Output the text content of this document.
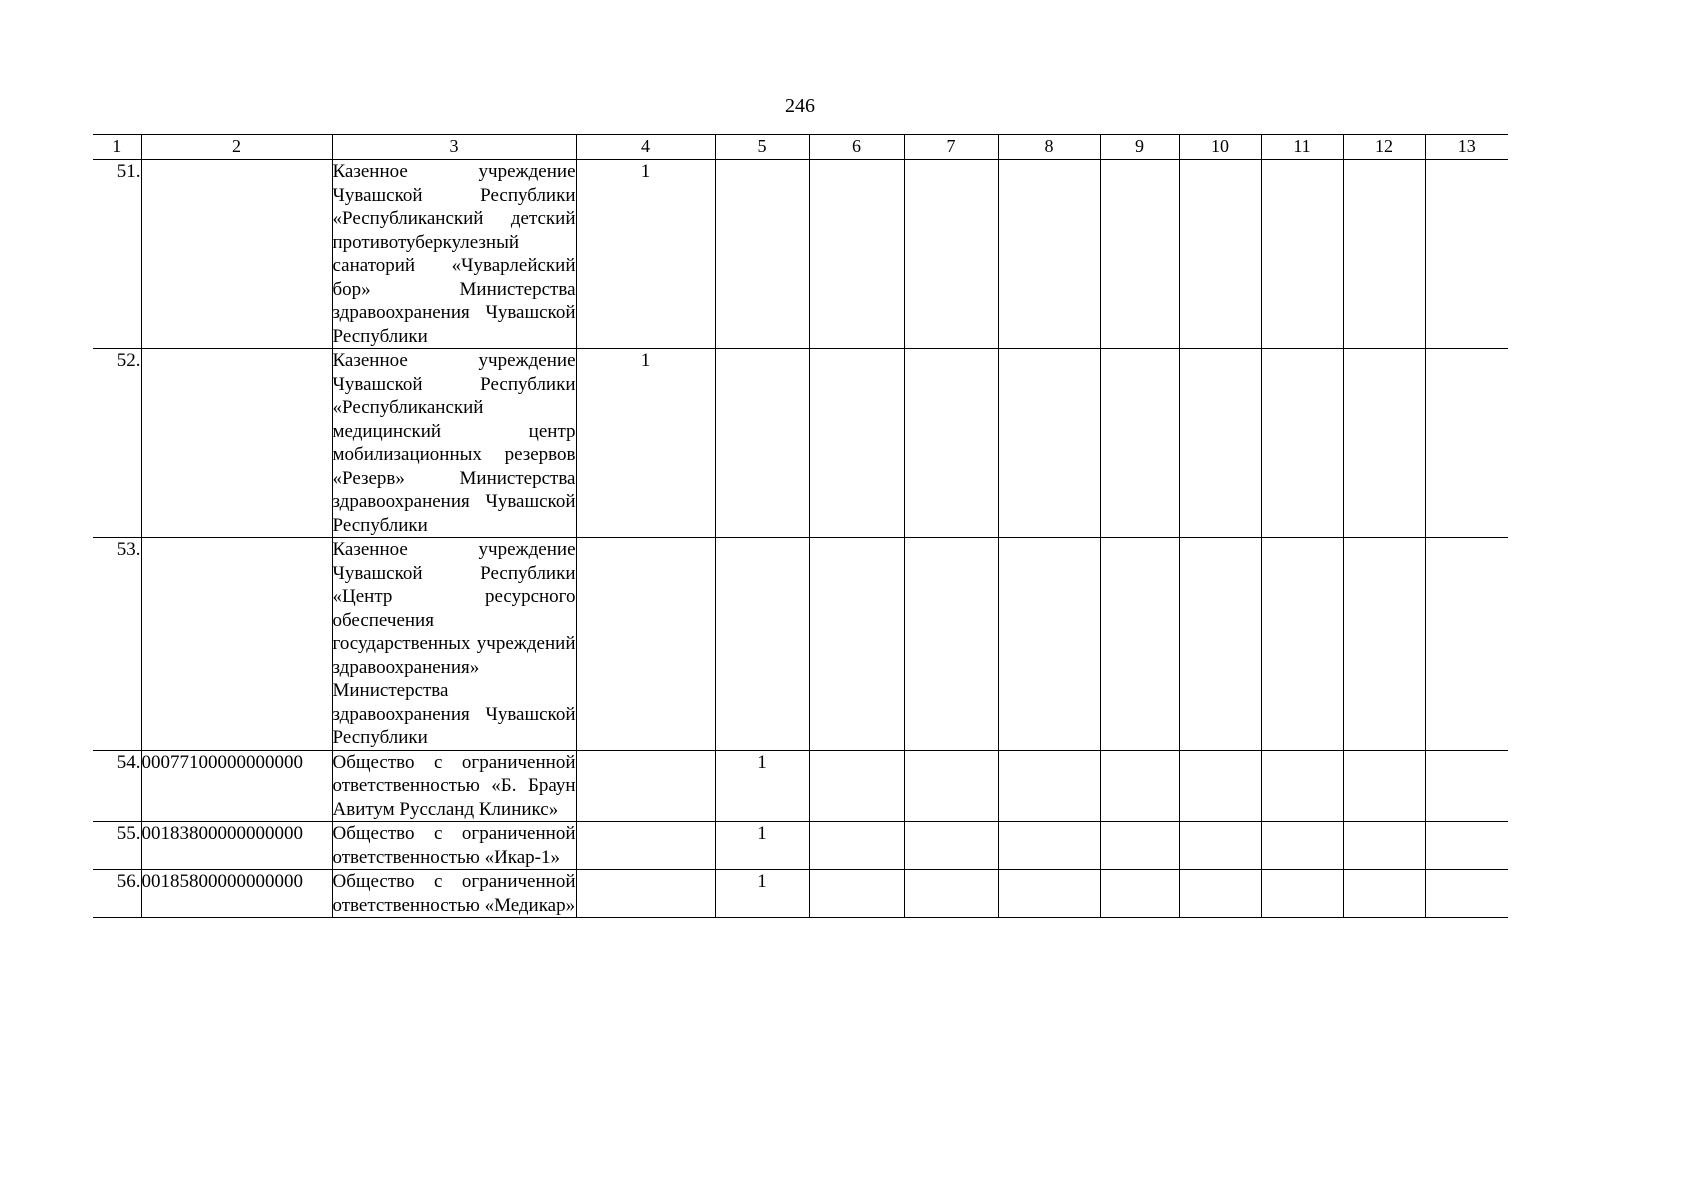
246
1	2	3	4	5	6	7	8	9	10	11	12	13
51.		Казенное учреждение Чувашской Республики «Республиканский детский противотуберкулезный санаторий «Чуварлейский бор» Министерства здравоохранения Чувашской Республики	1									
52.		Казенное учреждение Чувашской Республики «Республиканский медицинский центр мобилизационных резервов «Резерв» Министерства здравоохранения Чувашской Республики	1									
53.		Казенное учреждение Чувашской Республики «Центр ресурсного обеспечения государственных учреждений здравоохранения» Министерства здравоохранения Чувашской Республики										
54.	00077100000000000	Общество с ограниченной ответственностью «Б. Браун Авитум Руссланд Клиникс»		1								
55.	00183800000000000	Общество с ограниченной ответственностью «Икар-1»		1								
56.	00185800000000000	Общество с ограниченной ответственностью «Медикар»		1								
